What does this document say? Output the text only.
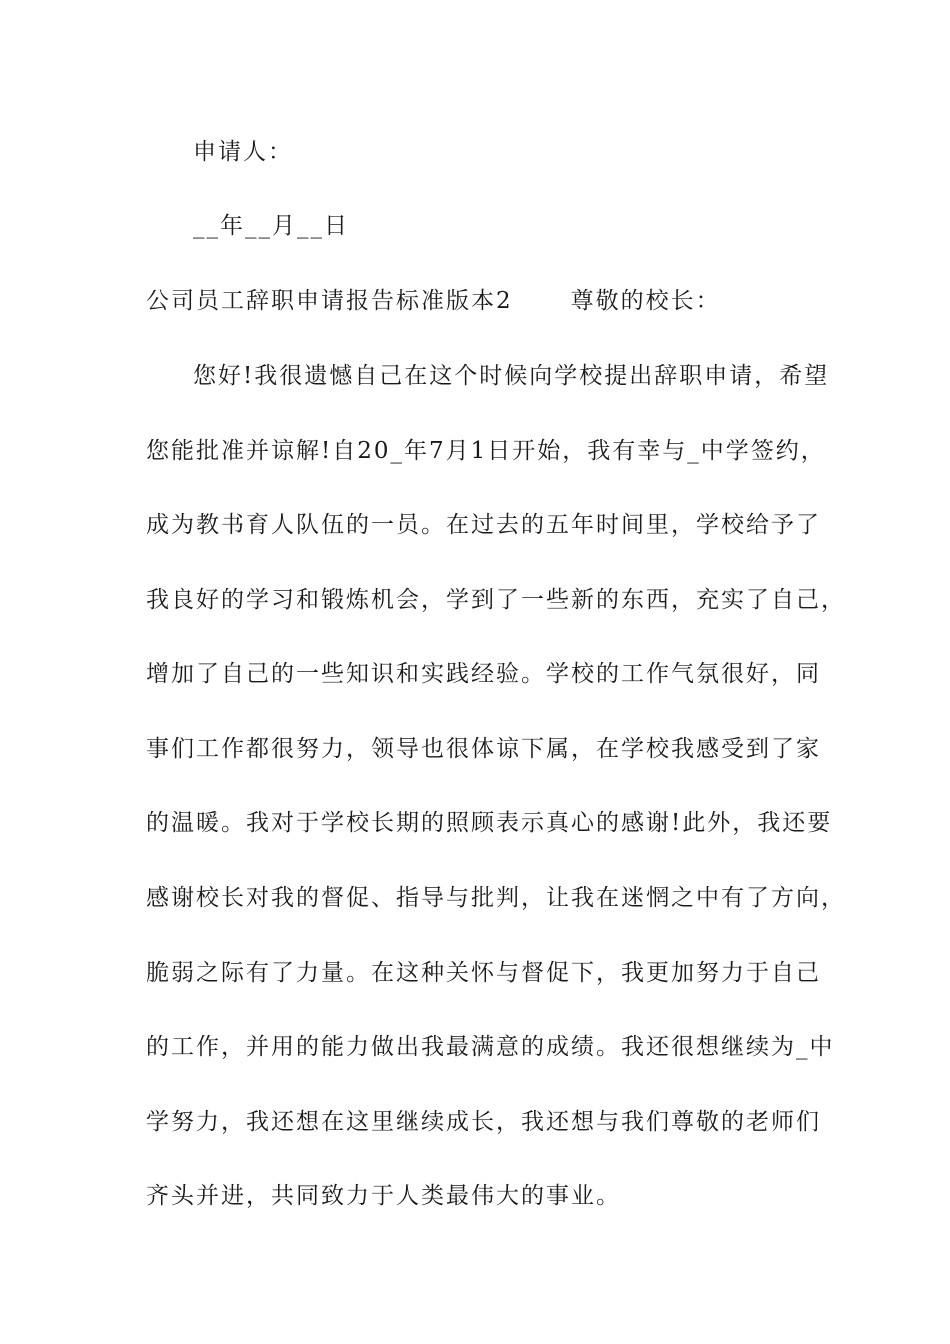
申请人：
__年__月__日
公司员工辞职申请报告标准版本2	尊敬的校长：
您好!我很遗憾自己在这个时候向学校提出辞职申请，希望
您能批准并谅解!自20_年7月1日开始，我有幸与_中学签约，
成为教书育人队伍的一员。在过去的五年时间里，学校给予了
我良好的学习和锻炼机会，学到了一些新的东西，充实了自己，
增加了自己的一些知识和实践经验。学校的工作气氛很好，同
事们工作都很努力，领导也很体谅下属，在学校我感受到了家
的温暖。我对于学校长期的照顾表示真心的感谢!此外，我还要
感谢校长对我的督促、指导与批判，让我在迷惘之中有了方向，
脆弱之际有了力量。在这种关怀与督促下，我更加努力于自己
的工作，并用的能力做出我最满意的成绩。我还很想继续为_中
学努力，我还想在这里继续成长，我还想与我们尊敬的老师们
齐头并进，共同致力于人类最伟大的事业。
